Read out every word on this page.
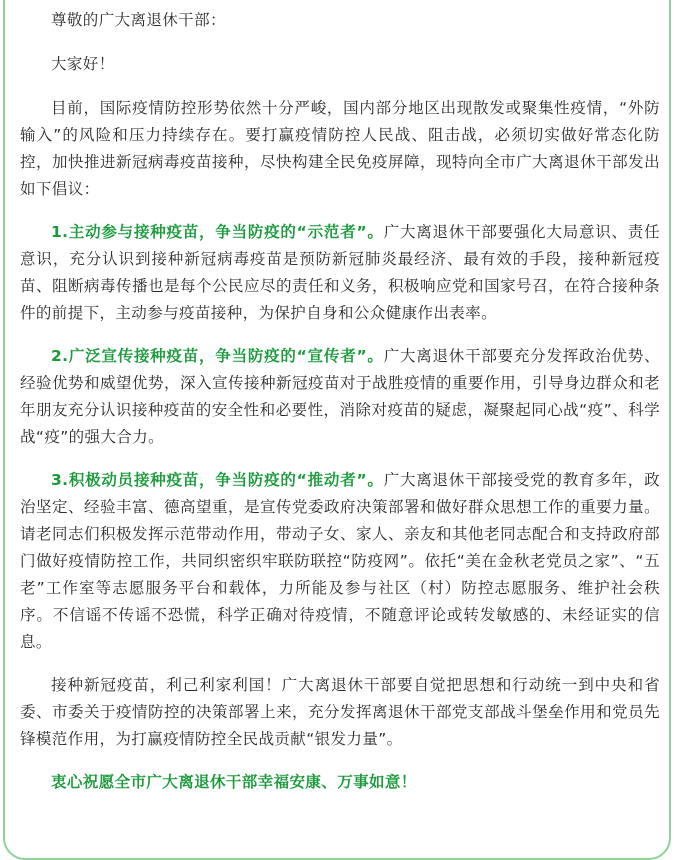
尊敬的广大离退休干部：

大家好！

目前，国际疫情防控形势依然十分严峻，国内部分地区出现散发或聚集性疫情，“外防输入”的风险和压力持续存在。要打赢疫情防控人民战、阻击战，必须切实做好常态化防控，加快推进新冠病毒疫苗接种，尽快构建全民免疫屏障，现特向全市广大离退休干部发出如下倡议：

1.主动参与接种疫苗，争当防疫的“示范者”。广大离退休干部要强化大局意识、责任意识，充分认识到接种新冠病毒疫苗是预防新冠肺炎最经济、最有效的手段，接种新冠疫苗、阻断病毒传播也是每个公民应尽的责任和义务，积极响应党和国家号召，在符合接种条件的前提下，主动参与疫苗接种，为保护自身和公众健康作出表率。

2.广泛宣传接种疫苗，争当防疫的“宣传者”。广大离退休干部要充分发挥政治优势、经验优势和威望优势，深入宣传接种新冠疫苗对于战胜疫情的重要作用，引导身边群众和老年朋友充分认识接种疫苗的安全性和必要性，消除对疫苗的疑虑，凝聚起同心战“疫”、科学战“疫”的强大合力。

3.积极动员接种疫苗，争当防疫的“推动者”。广大离退休干部接受党的教育多年，政治坚定、经验丰富、德高望重，是宣传党委政府决策部署和做好群众思想工作的重要力量。请老同志们积极发挥示范带动作用，带动子女、家人、亲友和其他老同志配合和支持政府部门做好疫情防控工作，共同织密织牢联防联控“防疫网”。依托“美在金秋老党员之家”、“五老”工作室等志愿服务平台和载体，力所能及参与社区（村）防控志愿服务、维护社会秩序。不信谣不传谣不恐慌，科学正确对待疫情，不随意评论或转发敏感的、未经证实的信息。

接种新冠疫苗，利己利家利国！广大离退休干部要自觉把思想和行动统一到中央和省委、市委关于疫情防控的决策部署上来，充分发挥离退休干部党支部战斗堡垒作用和党员先锋模范作用，为打赢疫情防控全民战贡献“银发力量”。

衷心祝愿全市广大离退休干部幸福安康、万事如意！
